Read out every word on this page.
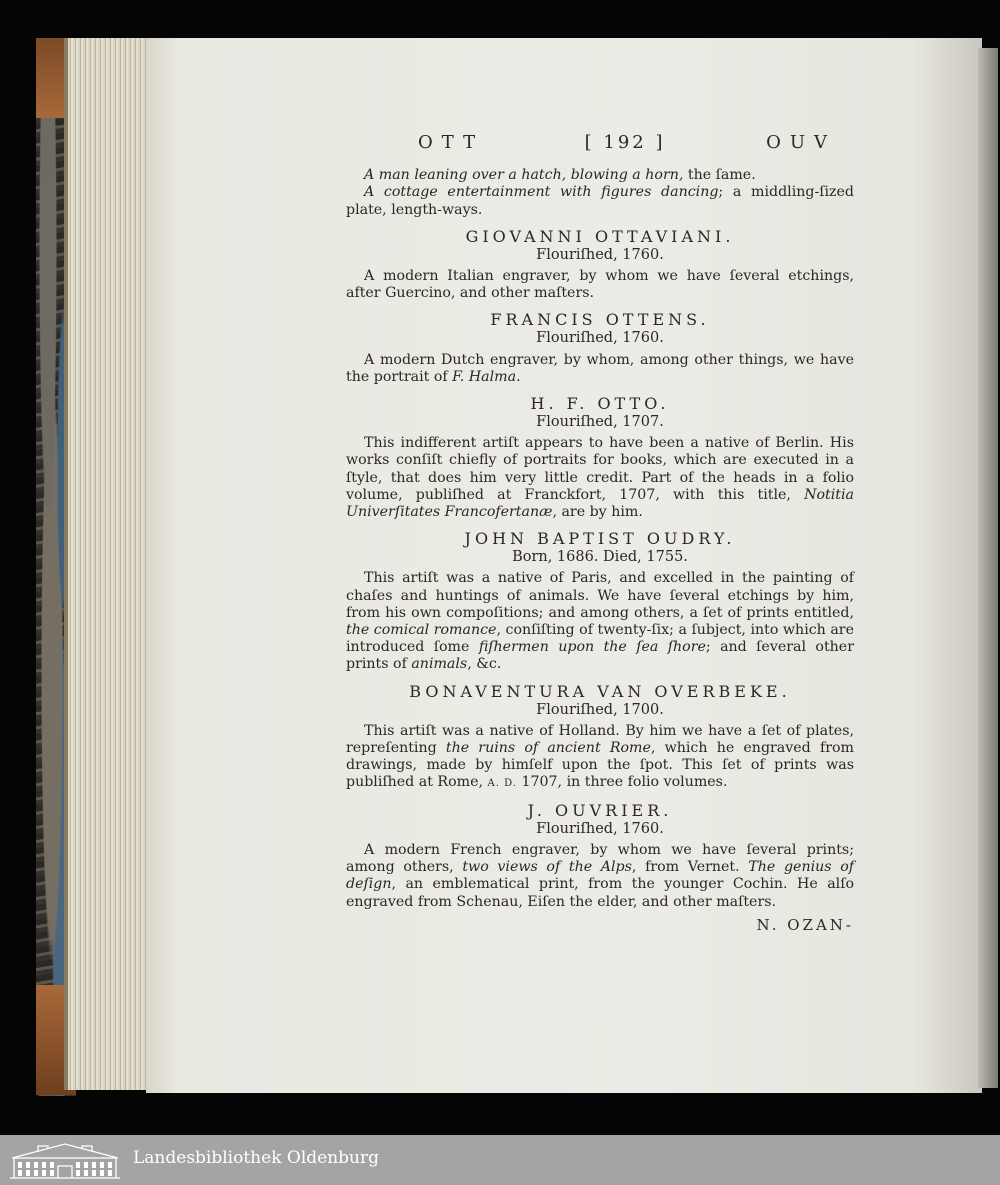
OTT	[ 192 ]	OUV

A man leaning over a hatch, blowing a horn, the ſame.

A cottage entertainment with figures dancing; a middling-ſized plate, length-ways.

GIOVANNI OTTAVIANI.
Flouriſhed, 1760.

A modern Italian engraver, by whom we have ſeveral etchings, after Guercino, and other maſters.

FRANCIS OTTENS.
Flouriſhed, 1760.

A modern Dutch engraver, by whom, among other things, we have the portrait of F. Halma.

H. F. OTTO.
Flouriſhed, 1707.

This indifferent artiſt appears to have been a native of Berlin. His works conſiſt chiefly of portraits for books, which are executed in a ſtyle, that does him very little credit. Part of the heads in a folio volume, publiſhed at Franckfort, 1707, with this title, Notitia Univerſitates Francofertanæ, are by him.

JOHN BAPTIST OUDRY.
Born, 1686. Died, 1755.

This artiſt was a native of Paris, and excelled in the painting of chaſes and huntings of animals. We have ſeveral etchings by him, from his own compoſitions; and among others, a ſet of prints entitled, the comical romance, conſiſting of twenty-ſix; a ſubject, into which are introduced ſome fiſhermen upon the ſea ſhore; and ſeveral other prints of animals, &c.

BONAVENTURA VAN OVERBEKE.
Flouriſhed, 1700.

This artiſt was a native of Holland. By him we have a ſet of plates, repreſenting the ruins of ancient Rome, which he engraved from drawings, made by himſelf upon the ſpot. This ſet of prints was publiſhed at Rome, A. D. 1707, in three folio volumes.

J. OUVRIER.
Flouriſhed, 1760.

A modern French engraver, by whom we have ſeveral prints; among others, two views of the Alps, from Vernet. The genius of deſign, an emblematical print, from the younger Cochin. He alſo engraved from Schenau, Eiſen the elder, and other maſters.

N. OZAN-
Landesbibliothek Oldenburg
